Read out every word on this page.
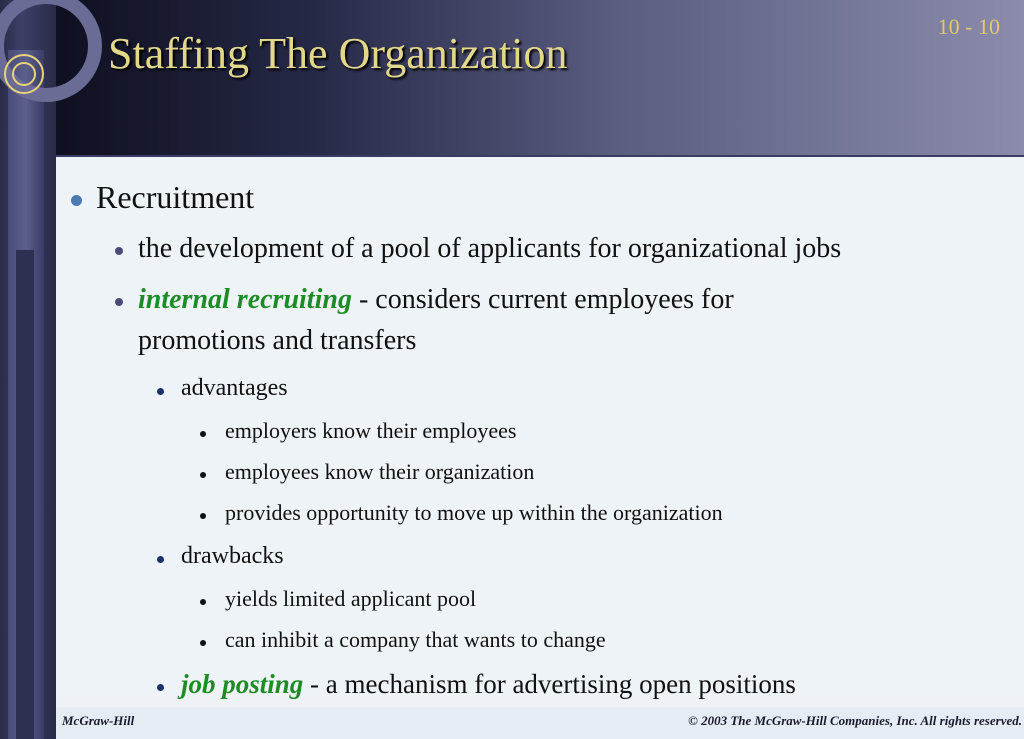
Staffing The Organization
10 - 10
Recruitment
the development of a pool of applicants for organizational jobs
internal recruiting - considers current employees for
promotions and transfers
advantages
employers know their employees
employees know their organization
provides opportunity to move up within the organization
drawbacks
yields limited applicant pool
can inhibit a company that wants to change
job posting - a mechanism for advertising open positions
McGraw-Hill	© 2003 The McGraw-Hill Companies, Inc. All rights reserved.
